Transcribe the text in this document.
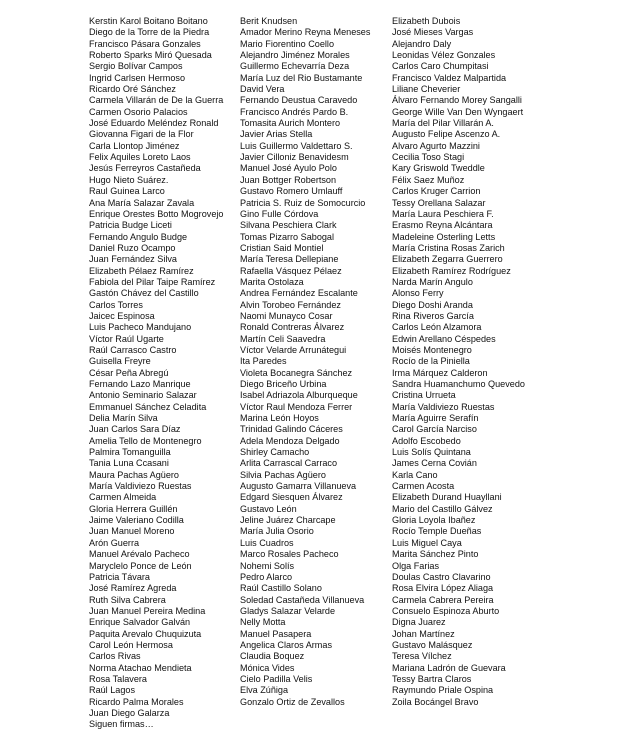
Kerstin Karol Boitano Boitano
Diego de la Torre de la Piedra
Francisco Pásara Gonzales
Roberto Sparks Miró Quesada
Sergio Bolívar Campos
Ingrid Carlsen Hermoso
Ricardo Oré Sánchez
Carmela Villarán de De la Guerra
Carmen Osorio Palacios
José Eduardo Meléndez Ronald
Giovanna Figari de la Flor
Carla Llontop Jiménez
Felix Aquiles Loreto Laos
Jesús Ferreyros Castañeda
Hugo Nieto Suárez.
Raul Guinea Larco
Ana María Salazar Zavala
Enrique Orestes Botto Mogrovejo
Patricia Budge Liceti
Fernando Angulo Budge
Daniel Ruzo Ocampo
Juan Fernández Silva
Elizabeth Pélaez Ramírez
Fabiola del Pilar Taipe Ramírez
Gastón Chávez del Castillo
Carlos Torres
Jaicec Espinosa
Luis Pacheco Mandujano
Víctor Raúl Ugarte
Raúl Carrasco Castro
Guisella Freyre
César Peña Abregú
Fernando Lazo Manrique
Antonio Seminario Salazar
Emmanuel Sánchez Celadita
Delia Marín Silva
Juan Carlos Sara Díaz
Amelia Tello de Montenegro
Palmira Tomanguilla
Tania Luna Ccasani
Maura Pachas Agüero
María Valdiviezo Ruestas
Carmen Almeida
Gloria Herrera Guillén
Jaime Valeriano Codilla
Juan Manuel Moreno
Arón Guerra
Manuel Arévalo Pacheco
Maryclelo Ponce de León
Patricia Távara
José Ramírez Agreda
Ruth Silva Cabrera
Juan Manuel Pereira Medina
Enrique Salvador Galván
Paquita Arevalo Chuquizuta
Carol León Hermosa
Carlos Rivas
Norma Atachao Mendieta
Rosa Talavera
Raúl Lagos
Ricardo Palma Morales
Juan Diego Galarza
Siguen firmas…
Berit Knudsen
Amador Merino Reyna Meneses
Mario Fiorentino Coello
Alejandro Jiménez Morales
Guillermo Echevarría Deza
María Luz del Rio Bustamante
David Vera
Fernando Deustua Caravedo
Francisco Andrés Pardo B.
Tomasita Aurich Montero
Javier Arias Stella
Luis Guillermo Valdettaro S.
Javier Cilloniz Benavidesm
Manuel José Ayulo Polo
Juan Bottger Robertson
Gustavo Romero Umlauff
Patricia S. Ruiz de Somocurcio
Gino Fulle Córdova
Silvana Peschiera Clark
Tomas Pizarro Sabogal
Cristian Said Montiel
María Teresa Dellepiane
Rafaella Vásquez Pélaez
Marita Ostolaza
Andrea Fernández Escalante
Alvin Torobeo Fernández
Naomi Munayco Cosar
Ronald Contreras Álvarez
Martín Celi Saavedra
Víctor Velarde Arrunátegui
Ita Paredes
Violeta Bocanegra Sánchez
Diego Briceño Urbina
Isabel Adriazola Alburqueque
Víctor Raul Mendoza Ferrer
Marina León Hoyos
Trinidad Galindo Cáceres
Adela Mendoza Delgado
Shirley Camacho
Arlita Carrascal Carraco
Silvia Pachas Agüero
Augusto Gamarra Villanueva
Edgard Siesquen Álvarez
Gustavo León
Jeline Juárez Charcape
María Julia Osorio
Luis Cuadros
Marco Rosales Pacheco
Nohemi Solís
Pedro Alarco
Raúl Castillo Solano
Soledad Castañeda Villanueva
Gladys Salazar Velarde
Nelly Motta
Manuel Pasapera
Angelica Claros Armas
Claudia Boquez
Mónica Vides
Cielo Padilla Velis
Elva Zúñiga
Gonzalo Ortiz de Zevallos
Elizabeth Dubois
José Mieses Vargas
Alejandro Daly
Leonidas Vélez Gonzales
Carlos Caro Chumpitasi
Francisco Valdez Malpartida
Liliane Cheverier
Álvaro Fernando Morey Sangalli
George Wille Van Den Wyngaert
María del Pilar Villarán A.
Augusto Felipe Ascenzo A.
Alvaro Agurto Mazzini
Cecilia Toso Stagi
Kary Griswold Tweddle
Félix Saez Muñoz
Carlos Kruger Carrion
Tessy Orellana Salazar
María Laura Peschiera F.
Erasmo Reyna Alcántara
Madeleine Osterling Letts
María Cristina Rosas Zarich
Elizabeth Zegarra Guerrero
Elizabeth Ramírez Rodríguez
Narda Marín Angulo
Alonso Ferry
Diego Doshi Aranda
Rina Riveros García
Carlos León Alzamora
Edwin Arellano Céspedes
Moisés Montenegro
Rocío de la Piniella
Irma Márquez Calderon
Sandra Huamanchumo Quevedo
Cristina Urrueta
María Valdiviezo Ruestas
María Aguirre Serafín
Carol García Narciso
Adolfo Escobedo
Luis Solís Quintana
James Cerna Covián
Karla Cano
Carmen Acosta
Elizabeth Durand Huayllani
Mario del Castillo Gálvez
Gloria Loyola Ibañez
Rocío Temple Dueñas
Luis Miguel Caya
Marita Sánchez Pinto
Olga Farias
Doulas Castro Clavarino
Rosa Elvira López Aliaga
Carmela Cabrera Pereira
Consuelo Espinoza Aburto
Digna Juarez
Johan Martínez
Gustavo Malásquez
Teresa Vílchez
Mariana Ladrón de Guevara
Tessy Bartra Claros
Raymundo Priale Ospina
Zoila Bocángel Bravo
